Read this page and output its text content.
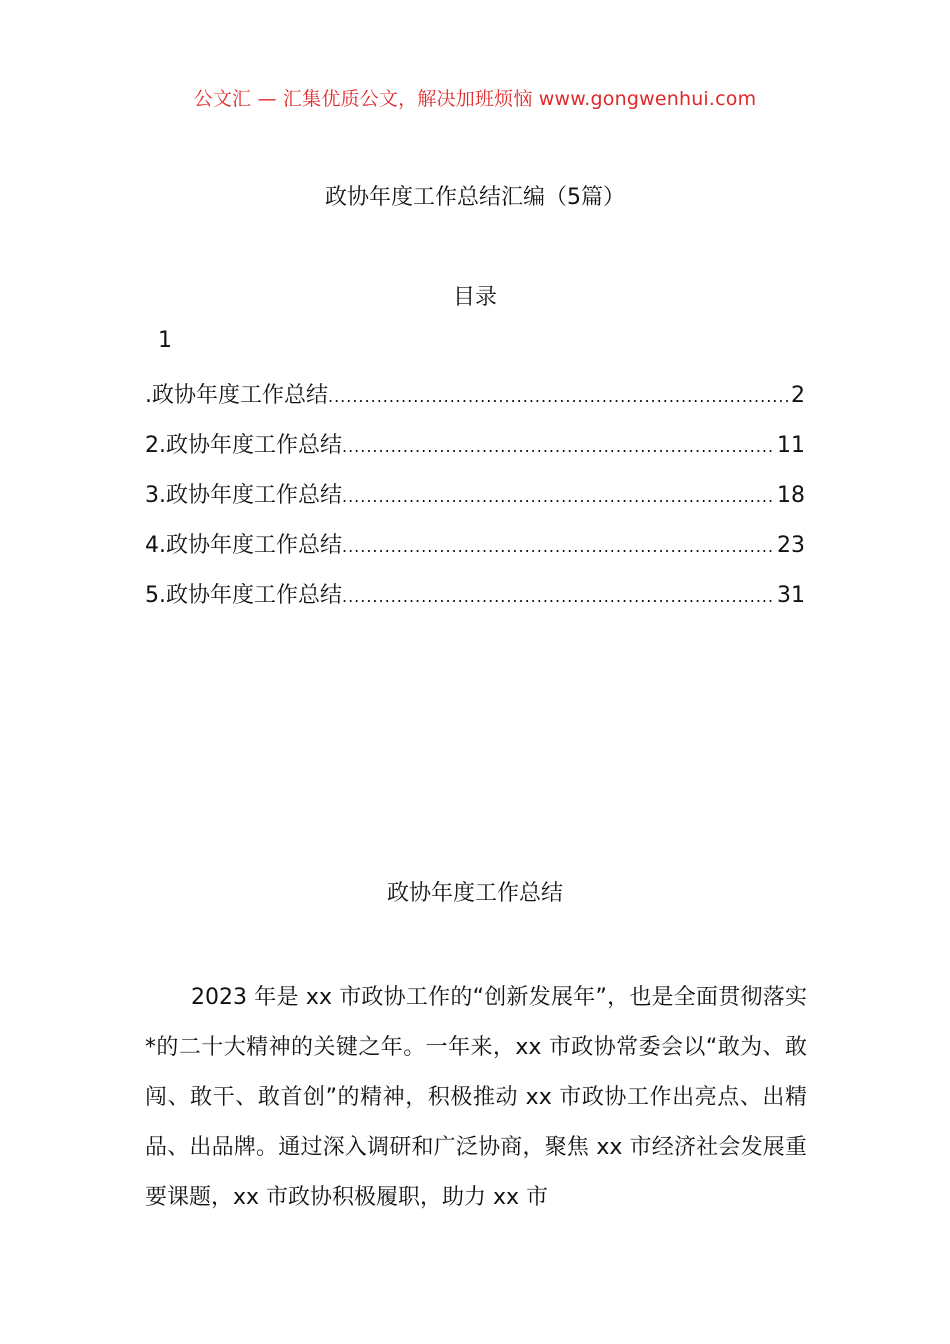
公文汇 — 汇集优质公文，解决加班烦恼 www.gongwenhui.com
政协年度工作总结汇编（5篇）
目录
1
.政协年度工作总结 .....	2
2.政协年度工作总结 .....	11
3.政协年度工作总结 .....	18
4.政协年度工作总结 .....	23
5.政协年度工作总结 .....	31
政协年度工作总结

2023 年是 xx 市政协工作的“创新发展年”，也是全面贯彻落实*的二十大精神的关键之年。一年来，xx 市政协常委会以“敢为、敢闯、敢干、敢首创”的精神，积极推动 xx 市政协工作出亮点、出精品、出品牌。通过深入调研和广泛协商，聚焦 xx 市经济社会发展重要课题，xx 市政协积极履职，助力 xx 市
